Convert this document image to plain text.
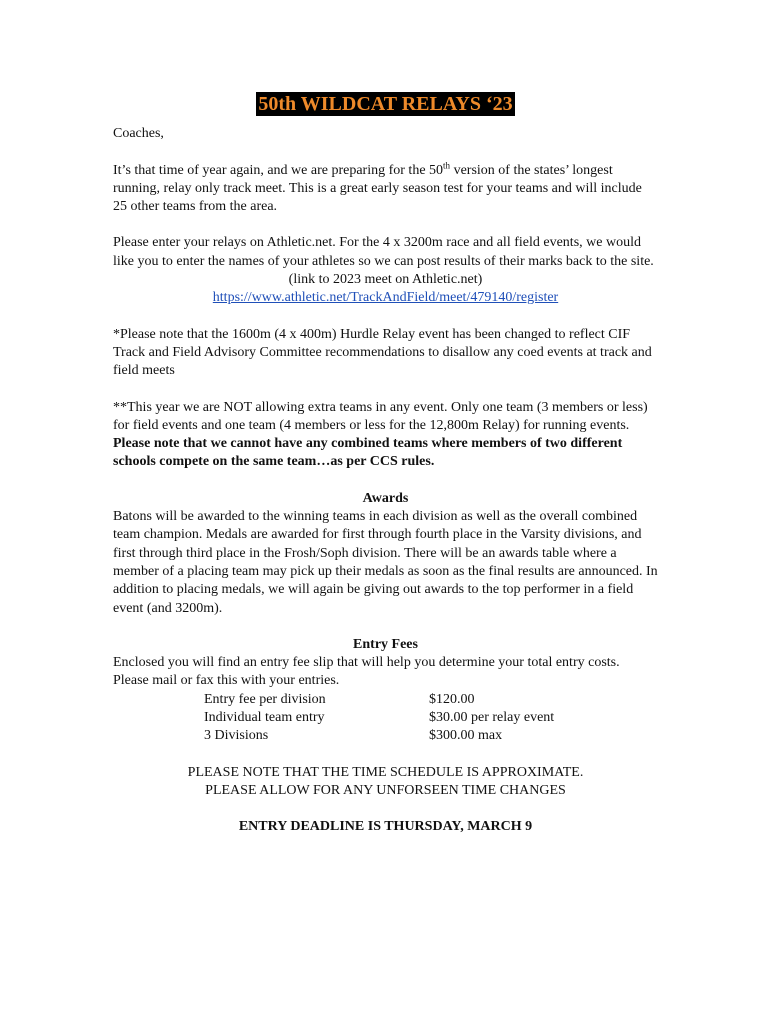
50th WILDCAT RELAYS ‘23

Coaches,

It’s that time of year again, and we are preparing for the 50th version of the states’ longest running, relay only track meet. This is a great early season test for your teams and will include 25 other teams from the area.

Please enter your relays on Athletic.net. For the 4 x 3200m race and all field events, we would like you to enter the names of your athletes so we can post results of their marks back to the site.

(link to 2023 meet on Athletic.net)

https://www.athletic.net/TrackAndField/meet/479140/register

*Please note that the 1600m (4 x 400m) Hurdle Relay event has been changed to reflect CIF Track and Field Advisory Committee recommendations to disallow any coed events at track and field meets

**This year we are NOT allowing extra teams in any event. Only one team (3 members or less) for field events and one team (4 members or less for the 12,800m Relay) for running events. Please note that we cannot have any combined teams where members of two different schools compete on the same team…as per CCS rules.

Awards

Batons will be awarded to the winning teams in each division as well as the overall combined team champion. Medals are awarded for first through fourth place in the Varsity divisions, and first through third place in the Frosh/Soph division. There will be an awards table where a member of a placing team may pick up their medals as soon as the final results are announced. In addition to placing medals, we will again be giving out awards to the top performer in a field event (and 3200m).

Entry Fees

Enclosed you will find an entry fee slip that will help you determine your total entry costs. Please mail or fax this with your entries.

Entry fee per division	$120.00
Individual team entry	$30.00 per relay event
3 Divisions	$300.00 max

PLEASE NOTE THAT THE TIME SCHEDULE IS APPROXIMATE.

PLEASE ALLOW FOR ANY UNFORSEEN TIME CHANGES

ENTRY DEADLINE IS THURSDAY, MARCH 9
